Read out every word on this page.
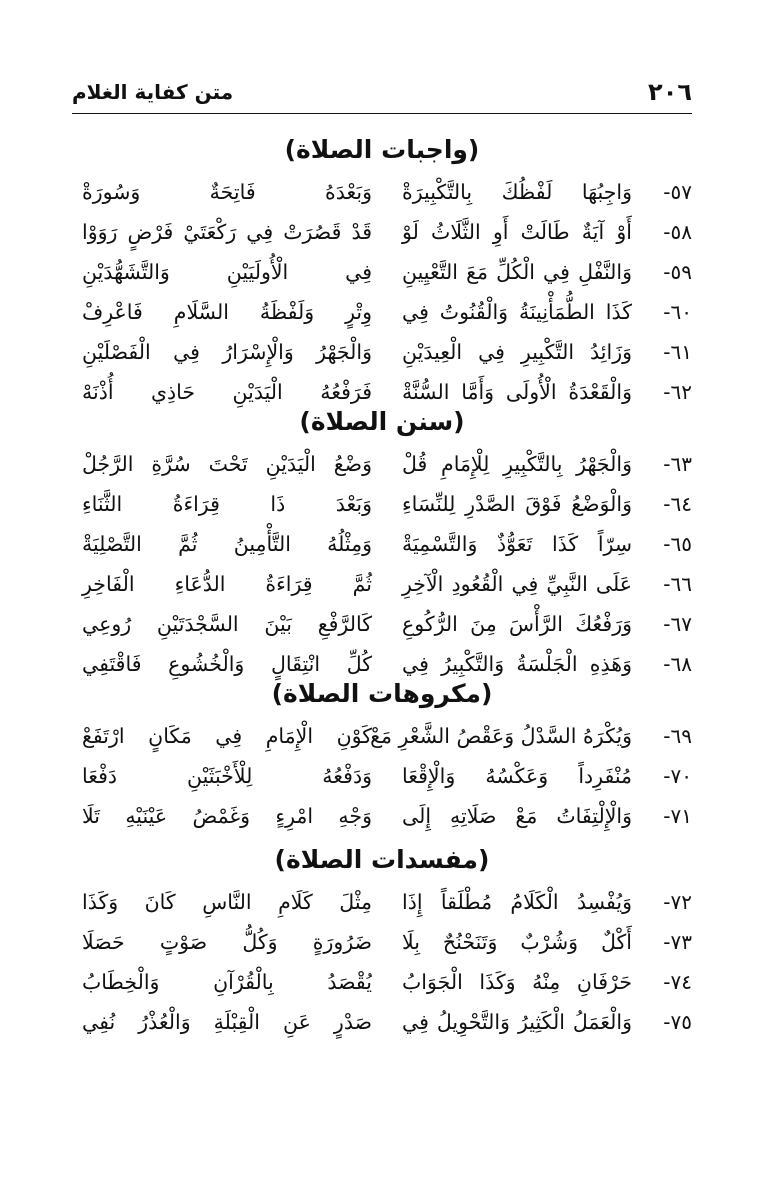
٢٠٦
متن كفاية الغلام
(واجبات الصلاة)
٥٧-
وَاجِبُهَا لَفْظُكَ بِالتَّكْبِيرَةْ
وَبَعْدَهُ فَاتِحَةٌ وَسُورَةْ
٥٨-
أَوْ آيَةٌ طَالَتْ أَوِ الثَّلَاثُ لَوْ
قَدْ قَصُرَتْ فِي رَكْعَتَيْ فَرْضٍ رَوَوْا
٥٩-
وَالنَّفْلِ فِي الْكُلِّ مَعَ التَّعْيِينِ
فِي الْأُولَيَيْنِ وَالتَّشَهُّدَيْنِ
٦٠-
كَذَا الطُّمَأْنِينَةُ وَالْقُنُوتُ فِي
وِتْرٍ وَلَفْظَةُ السَّلَامِ فَاعْرِفْ
٦١-
وَزَائِدُ التَّكْبِيرِ فِي الْعِيدَيْنِ
وَالْجَهْرُ وَالْإِسْرَارُ فِي الْفَصْلَيْنِ
٦٢-
وَالْقَعْدَةُ الْأُولَى وَأَمَّا السُّنَّةْ
فَرَفْعُهُ الْيَدَيْنِ حَاذِي أُذْنَهْ
(سنن الصلاة)
٦٣-
وَالْجَهْرُ بِالتَّكْبِيرِ لِلْإِمَامِ قُلْ
وَضْعُ الْيَدَيْنِ تَحْتَ سُرَّةِ الرَّجُلْ
٦٤-
وَالْوَضْعُ فَوْقَ الصَّدْرِ لِلنِّسَاءِ
وَبَعْدَ ذَا قِرَاءَةُ الثَّنَاءِ
٦٥-
سِرّاً كَذَا تَعَوُّذٌ وَالتَّسْمِيَةْ
وَمِثْلُهُ التَّأْمِينُ ثُمَّ التَّصْلِيَةْ
٦٦-
عَلَى النَّبِيِّ فِي الْقُعُودِ الْآخِرِ
ثُمَّ قِرَاءَةُ الدُّعَاءِ الْفَاخِرِ
٦٧-
وَرَفْعُكَ الرَّأْسَ مِنَ الرُّكُوعِ
كَالرَّفْعِ بَيْنَ السَّجْدَتَيْنِ رُوعِي
٦٨-
وَهَذِهِ الْجَلْسَةُ وَالتَّكْبِيرُ فِي
كُلِّ انْتِقَالٍ وَالْخُشُوعِ فَاقْتَفِي
(مكروهات الصلاة)
٦٩-
وَيُكْرَهُ السَّدْلُ وَعَقْصُ الشَّعْرِ مَعْ
كَوْنِ الْإِمَامِ فِي مَكَانٍ ارْتَفَعْ
٧٠-
مُنْفَرِداً وَعَكْسُهُ وَالْإِقْعَا
وَدَفْعُهُ لِلْأَخْبَثَيْنِ دَفْعَا
٧١-
وَالْإِلْتِفَاتُ مَعْ صَلَاتِهِ إِلَى
وَجْهِ امْرِءٍ وَغَمْضُ عَيْنَيْهِ تَلَا
(مفسدات الصلاة)
٧٢-
وَيُفْسِدُ الْكَلَامُ مُطْلَقاً إِذَا
مِثْلَ كَلَامِ النَّاسِ كَانَ وَكَذَا
٧٣-
أَكْلٌ وَشُرْبٌ وَتَنَحْنُحٌ بِلَا
ضَرُورَةٍ وَكُلُّ صَوْتٍ حَصَلَا
٧٤-
حَرْفَانِ مِنْهُ وَكَذَا الْجَوَابُ
يُقْصَدُ بِالْقُرْآنِ وَالْخِطَابُ
٧٥-
وَالْعَمَلُ الْكَثِيرُ وَالتَّحْوِيلُ فِي
صَدْرٍ عَنِ الْقِبْلَةِ وَالْعُذْرُ نُفِي
